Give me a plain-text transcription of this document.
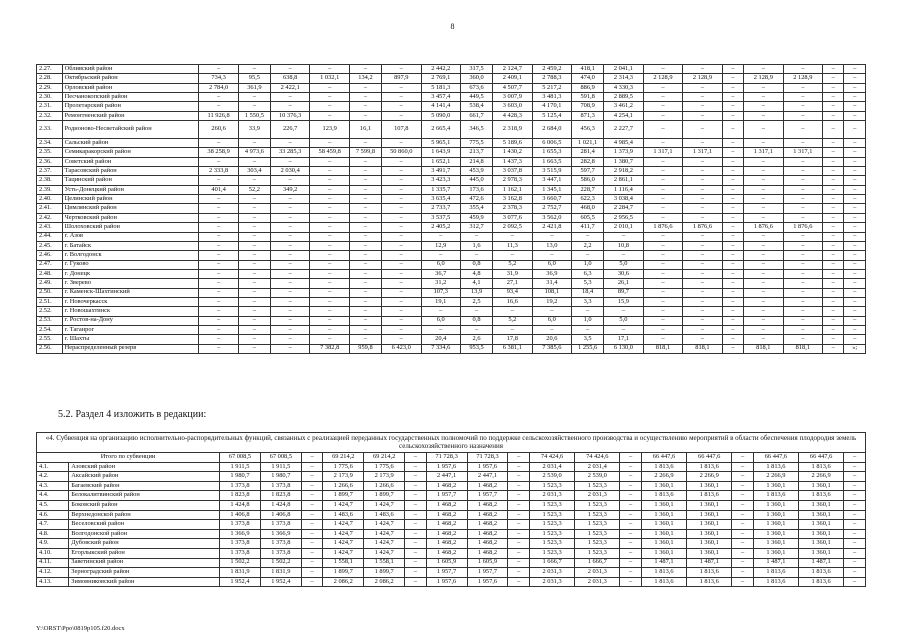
8
2.27.	Обливский район	–	–	–	–	–	–	2 442,2	317,5	2 124,7	2 459,2	418,1	2 041,1	–	–	–	–	–	–	–
2.28.	Октябрьский район	734,3	95,5	638,8	1 032,1	134,2	897,9	2 769,1	360,0	2 409,1	2 788,3	474,0	2 314,3	2 128,9	2 128,9	–	2 128,9	2 128,9	–	–
2.29.	Орловский район	2 784,0	361,9	2 422,1	–	–	–	5 181,3	673,6	4 507,7	5 217,2	886,9	4 330,3	–	–	–	–	–	–	–
2.30.	Песчанокопский район	–	–	–	–	–	–	3 457,4	449,5	3 007,9	3 481,3	591,8	2 889,5	–	–	–	–	–	–	–
2.31.	Пролетарский район	–	–	–	–	–	–	4 141,4	538,4	3 603,0	4 170,1	708,9	3 461,2	–	–	–	–	–	–	–
2.32.	Ремонтненский район	11 926,8	1 550,5	10 376,3	–	–	–	5 090,0	661,7	4 428,3	5 125,4	871,3	4 254,1	–	–	–	–	–	–	–
2.33.	Родионово-Несветайский район	260,6	33,9	226,7	123,9	16,1	107,8	2 665,4	346,5	2 318,9	2 684,0	456,3	2 227,7	–	–	–	–	–	–	–
2.34.	Сальский район	–	–	–	–	–	–	5 965,1	775,5	5 189,6	6 006,5	1 021,1	4 985,4	–	–	–	–	–	–	–
2.35.	Семикаракорский район	38 258,9	4 973,6	33 285,3	58 459,8	7 599,8	50 860,0	1 643,9	213,7	1 430,2	1 655,3	281,4	1 373,9	1 317,1	1 317,1	–	1 317,1	1 317,1	–	–
2.36.	Советский район	–	–	–	–	–	–	1 652,1	214,8	1 437,3	1 663,5	282,8	1 380,7	–	–	–	–	–	–	–
2.37.	Тарасовский район	2 333,8	303,4	2 030,4	–	–	–	3 491,7	453,9	3 037,8	3 515,9	597,7	2 918,2	–	–	–	–	–	–	–
2.38.	Тацинский район	–	–	–	–	–	–	3 423,3	445,0	2 978,3	3 447,1	586,0	2 861,1	–	–	–	–	–	–	–
2.39.	Усть-Донецкий район	401,4	52,2	349,2	–	–	–	1 335,7	173,6	1 162,1	1 345,1	228,7	1 116,4	–	–	–	–	–	–	–
2.40.	Целинский район	–	–	–	–	–	–	3 635,4	472,6	3 162,8	3 660,7	622,3	3 038,4	–	–	–	–	–	–	–
2.41.	Цимлянский район	–	–	–	–	–	–	2 733,7	355,4	2 378,3	2 752,7	468,0	2 284,7	–	–	–	–	–	–	–
2.42.	Чертковский район	–	–	–	–	–	–	3 537,5	459,9	3 077,6	3 562,0	605,5	2 956,5	–	–	–	–	–	–	–
2.43.	Шолоховский район	–	–	–	–	–	–	2 405,2	312,7	2 092,5	2 421,8	411,7	2 010,1	1 876,6	1 876,6	–	1 876,6	1 876,6	–	–
2.44.	г. Азов	–	–	–	–	–	–	–	–	–	–	–	–	–	–	–	–	–	–	–
2.45.	г. Батайск	–	–	–	–	–	–	12,9	1,6	11,3	13,0	2,2	10,8	–	–	–	–	–	–	–
2.46.	г. Волгодонск	–	–	–	–	–	–	–	–	–	–	–	–	–	–	–	–	–	–	–
2.47.	г. Гуково	–	–	–	–	–	–	6,0	0,8	5,2	6,0	1,0	5,0	–	–	–	–	–	–	–
2.48.	г. Донецк	–	–	–	–	–	–	36,7	4,8	31,9	36,9	6,3	30,6	–	–	–	–	–	–	–
2.49.	г. Зверево	–	–	–	–	–	–	31,2	4,1	27,1	31,4	5,3	26,1	–	–	–	–	–	–	–
2.50.	г. Каменск-Шахтинский	–	–	–	–	–	–	107,3	13,9	93,4	108,1	18,4	89,7	–	–	–	–	–	–	–
2.51.	г. Новочеркасск	–	–	–	–	–	–	19,1	2,5	16,6	19,2	3,3	15,9	–	–	–	–	–	–	–
2.52.	г. Новошахтинск	–	–	–	–	–	–	–	–	–	–	–	–	–	–	–	–	–	–	–
2.53.	г. Ростов-на-Дону	–	–	–	–	–	–	6,0	0,8	5,2	6,0	1,0	5,0	–	–	–	–	–	–	–
2.54.	г. Таганрог	–	–	–	–	–	–	–	–	–	–	–	–	–	–	–	–	–	–	–
2.55.	г. Шахты	–	–	–	–	–	–	20,4	2,6	17,8	20,6	3,5	17,1	–	–	–	–	–	–	–
2.56.	Нераспределенный резерв	–	–	–	7 382,8	959,8	6 423,0	7 334,6	953,5	6 381,1	7 385,6	1 255,6	6 130,0	818,1	818,1	–	818,1	818,1	–	»;
5.2. Раздел 4 изложить в редакции:
«4. Субвенция на организацию исполнительно-распорядительных функций, связанных с реализацией переданных государственных полномочий по поддержке сельскохозяйственного производства и осуществлению мероприятий в области обеспечения плодородия земель сельскохозяйственного назначения																			
Итого по субвенции		67 008,5	67 008,5	–	69 214,2	69 214,2	–	71 728,3	71 728,3	–	74 424,6	74 424,6	–	66 447,6	66 447,6	–	66 447,6	66 447,6	–
4.1.	Азовский район	1 911,5	1 911,5	–	1 775,6	1 775,6	–	1 957,6	1 957,6	–	2 031,4	2 031,4	–	1 813,6	1 813,6	–	1 813,6	1 813,6	–
4.2.	Аксайский район	1 980,7	1 980,7	–	2 173,9	2 173,9	–	2 447,1	2 447,1	–	2 539,0	2 539,0	–	2 266,9	2 266,9	–	2 266,9	2 266,9	–
4.3.	Багаевский район	1 373,8	1 373,8	–	1 266,6	1 266,6	–	1 468,2	1 468,2	–	1 523,3	1 523,3	–	1 360,1	1 360,1	–	1 360,1	1 360,1	–
4.4.	Белокалитвинский район	1 823,8	1 823,8	–	1 899,7	1 899,7	–	1 957,7	1 957,7	–	2 031,3	2 031,3	–	1 813,6	1 813,6	–	1 813,6	1 813,6	–
4.5.	Боковский район	1 424,8	1 424,8	–	1 424,7	1 424,7	–	1 468,2	1 468,2	–	1 523,3	1 523,3	–	1 360,1	1 360,1	–	1 360,1	1 360,1	–
4.6.	Верхнедонской район	1 406,8	1 406,8	–	1 483,6	1 483,6	–	1 468,2	1 468,2	–	1 523,3	1 523,3	–	1 360,1	1 360,1	–	1 360,1	1 360,1	–
4.7.	Веселовский район	1 373,8	1 373,8	–	1 424,7	1 424,7	–	1 468,2	1 468,2	–	1 523,3	1 523,3	–	1 360,1	1 360,1	–	1 360,1	1 360,1	–
4.8.	Волгодонской район	1 366,9	1 366,9	–	1 424,7	1 424,7	–	1 468,2	1 468,2	–	1 523,3	1 523,3	–	1 360,1	1 360,1	–	1 360,1	1 360,1	–
4.9.	Дубовский район	1 373,8	1 373,8	–	1 424,7	1 424,7	–	1 468,2	1 468,2	–	1 523,3	1 523,3	–	1 360,1	1 360,1	–	1 360,1	1 360,1	–
4.10.	Егорлыкский район	1 373,8	1 373,8	–	1 424,7	1 424,7	–	1 468,2	1 468,2	–	1 523,3	1 523,3	–	1 360,1	1 360,1	–	1 360,1	1 360,1	–
4.11.	Заветинский район	1 502,2	1 502,2	–	1 558,1	1 558,1	–	1 605,9	1 605,9	–	1 666,7	1 666,7	–	1 487,1	1 487,1	–	1 487,1	1 487,1	–
4.12.	Зерноградский район	1 831,9	1 831,9	–	1 899,7	1 899,7	–	1 957,7	1 957,7	–	2 031,3	2 031,3	–	1 813,6	1 813,6	–	1 813,6	1 813,6	–
4.13.	Зимовниковский район	1 952,4	1 952,4	–	2 086,2	2 086,2	–	1 957,6	1 957,6	–	2 031,3	2 031,3	–	1 813,6	1 813,6	–	1 813,6	1 813,6	–
Y:\ORST\Ppo\0819p105.f20.docx
